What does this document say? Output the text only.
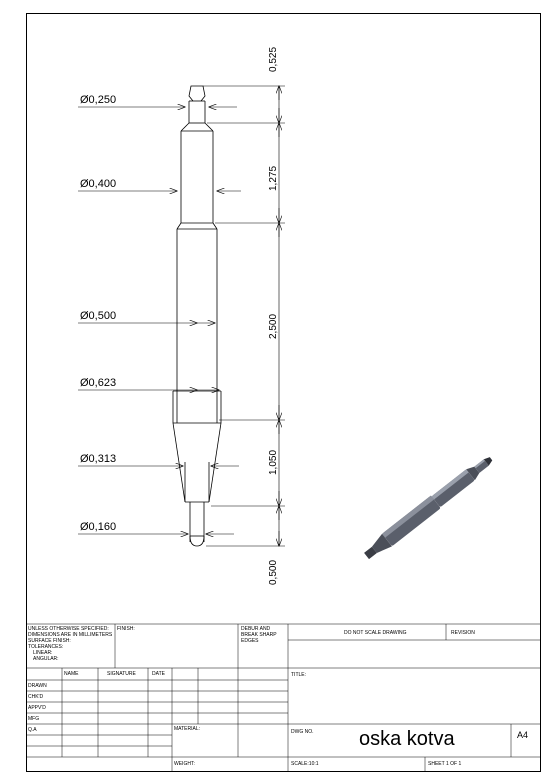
Ø0,250
Ø0,400
Ø0,500
Ø0,623
Ø0,313
Ø0,160
0,525
1,275
2,500
1,050
0,500
UNLESS OTHERWISE SPECIFIED:
DIMENSIONS ARE IN MILLIMETERS
SURFACE FINISH:
TOLERANCES:
LINEAR:
ANGULAR:
FINISH:	DEBUR AND
BREAK SHARP
EDGES
DO NOT SCALE DRAWING	REVISION
NAME	SIGNATURE	DATE
DRAWN
CHK'D
APPV'D
MFG
Q.A
TITLE:
MATERIAL:	DWG NO. oska kotva	A4
WEIGHT:	SCALE:10:1	SHEET 1 OF 1
